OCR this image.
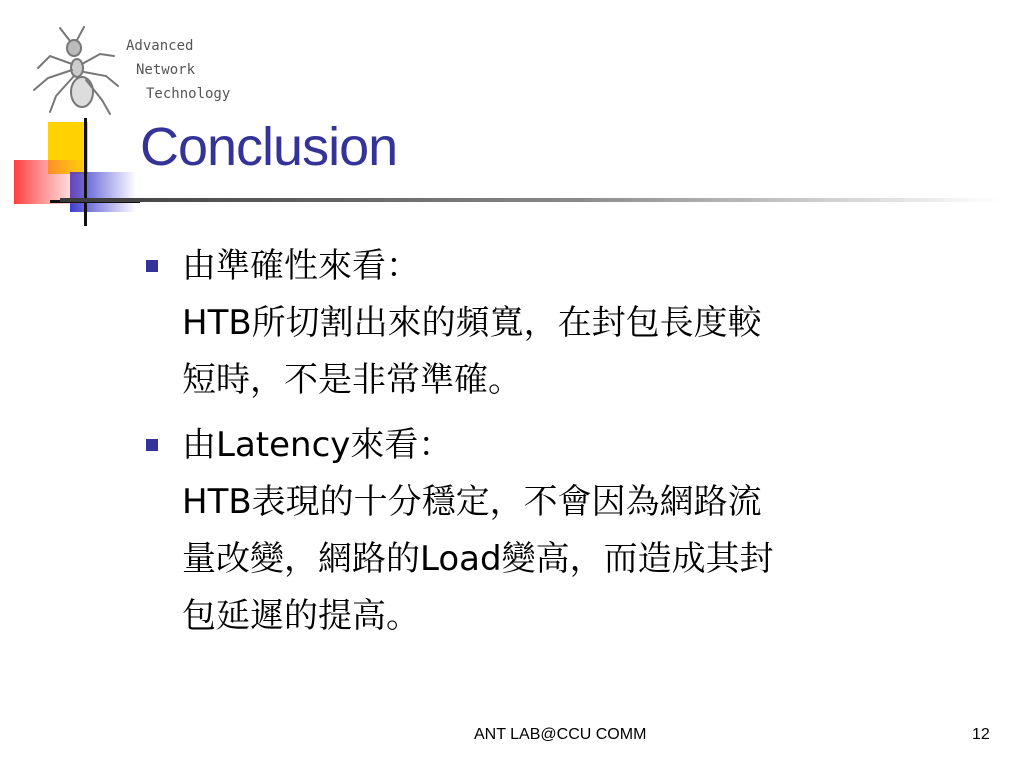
Advanced
Network
Technology
Conclusion
由準確性來看：
HTB所切割出來的頻寬，在封包長度較
短時，不是非常準確。
由Latency來看：
HTB表現的十分穩定，不會因為網路流
量改變，網路的Load變高，而造成其封
包延遲的提高。
ANT LAB@CCU COMM	12
